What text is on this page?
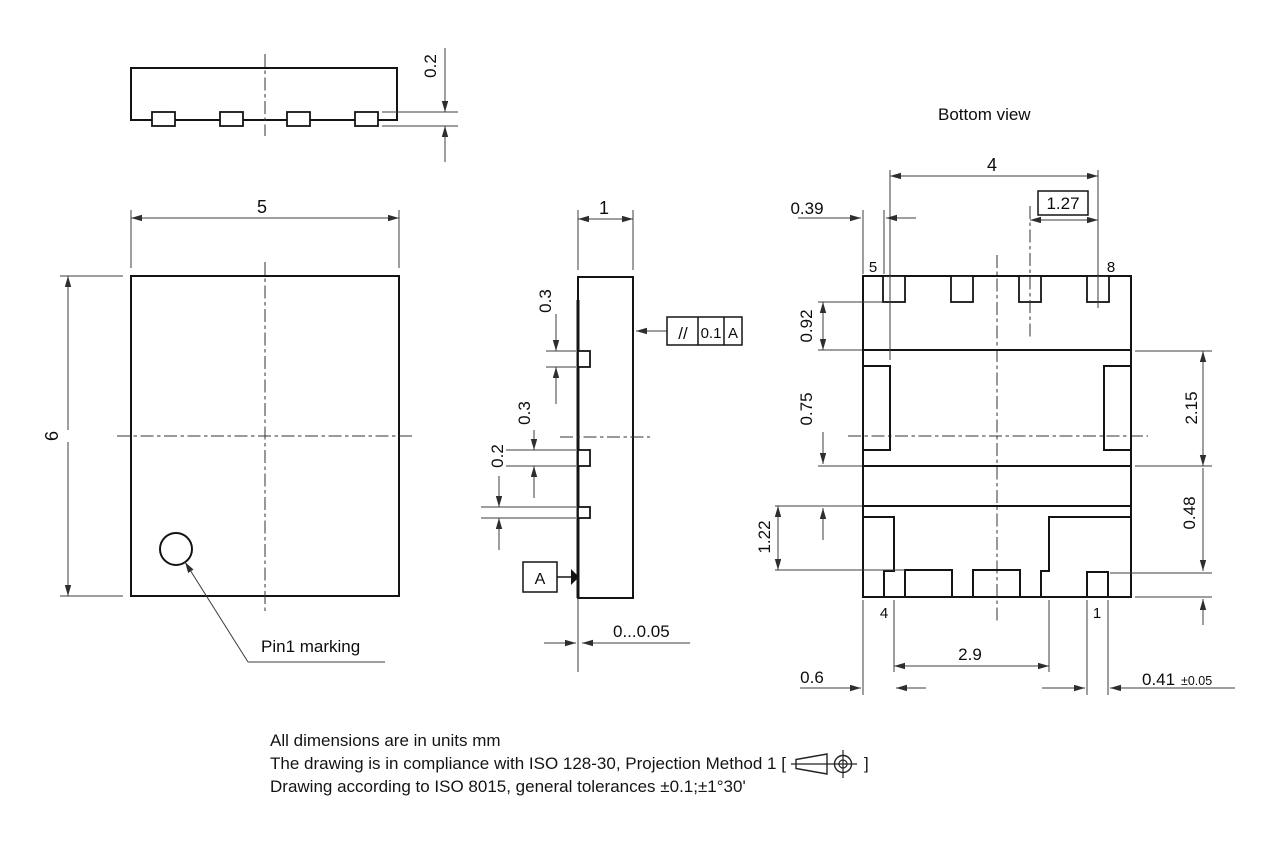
0.2
Pin1 marking
5
6
1
0.3
0.3
0.2
// 0.1 A
A
0...0.05
Bottom view
5	8
4	1
4
0.39	1.27
0.92
0.75	2.15
0.48
1.22
2.9
0.6	0.41 ±0.05
All dimensions are in units mm
The drawing is in compliance with ISO 128-30, Projection Method 1 [	]
Drawing according to ISO 8015, general tolerances ±0.1;±1°30'
